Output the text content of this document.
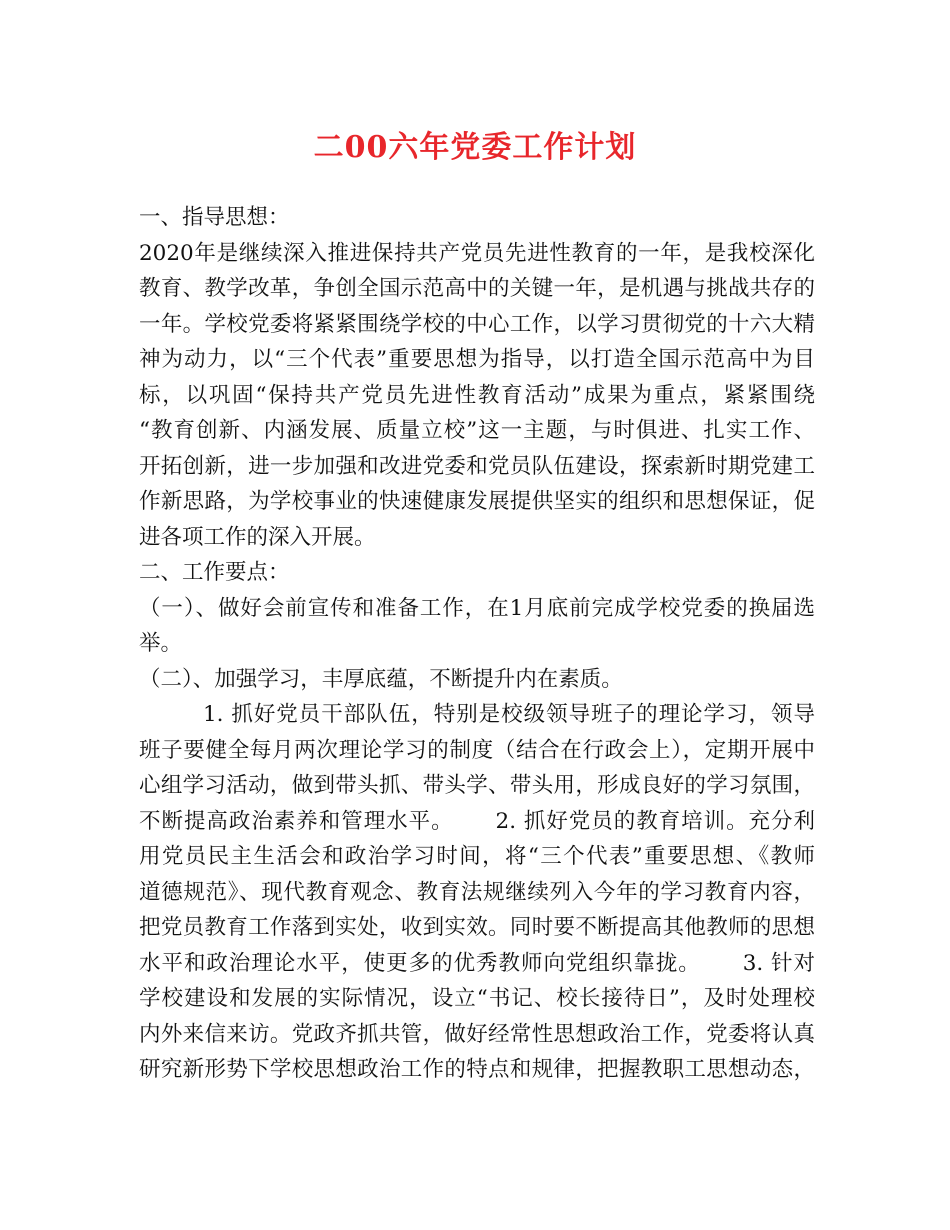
二00六年党委工作计划
一、指导思想：
2020年是继续深入推进保持共产党员先进性教育的一年，是我校深化
教育、教学改革，争创全国示范高中的关键一年，是机遇与挑战共存的
一年。学校党委将紧紧围绕学校的中心工作，以学习贯彻党的十六大精
神为动力，以“三个代表”重要思想为指导，以打造全国示范高中为目
标，以巩固“保持共产党员先进性教育活动”成果为重点，紧紧围绕
“教育创新、内涵发展、质量立校”这一主题，与时俱进、扎实工作、
开拓创新，进一步加强和改进党委和党员队伍建设，探索新时期党建工
作新思路，为学校事业的快速健康发展提供坚实的组织和思想保证，促
进各项工作的深入开展。
二、工作要点：
（一）、做好会前宣传和准备工作，在1月底前完成学校党委的换届选
举。
（二）、加强学习，丰厚底蕴，不断提升内在素质。
1. 抓好党员干部队伍，特别是校级领导班子的理论学习，领导
班子要健全每月两次理论学习的制度（结合在行政会上），定期开展中
心组学习活动，做到带头抓、带头学、带头用，形成良好的学习氛围，
不断提高政治素养和管理水平。　　 2. 抓好党员的教育培训。充分利
用党员民主生活会和政治学习时间，将“三个代表”重要思想、《教师
道德规范》、现代教育观念、教育法规继续列入今年的学习教育内容，
把党员教育工作落到实处，收到实效。同时要不断提高其他教师的思想
水平和政治理论水平，使更多的优秀教师向党组织靠拢。　　 3. 针对
学校建设和发展的实际情况，设立“书记、校长接待日”，及时处理校
内外来信来访。党政齐抓共管，做好经常性思想政治工作，党委将认真
研究新形势下学校思想政治工作的特点和规律，把握教职工思想动态，
